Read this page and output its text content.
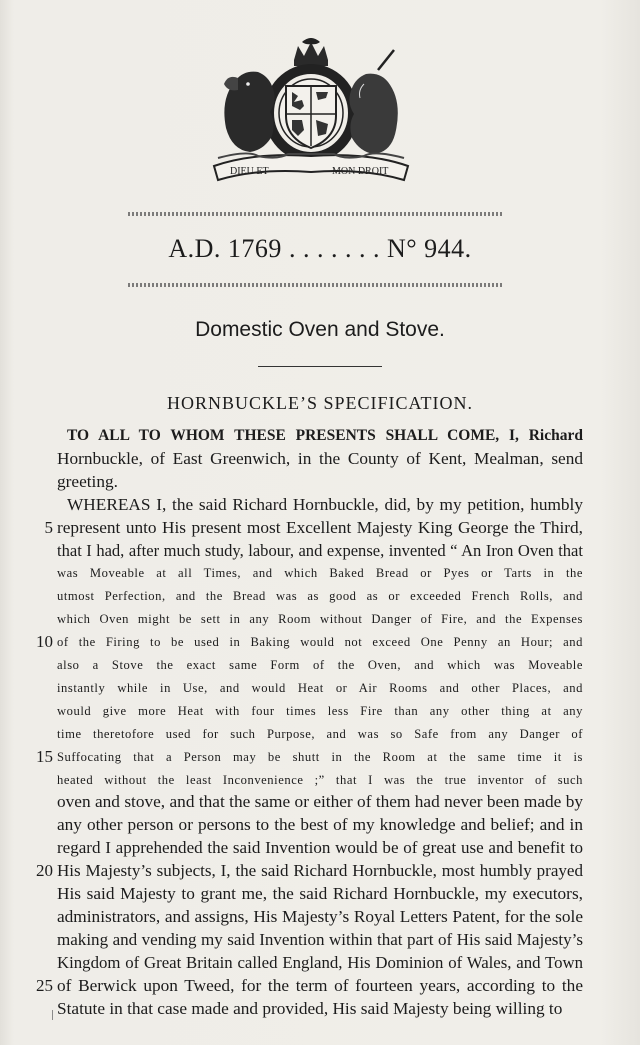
DIEU ET	MON DROIT
A.D. 1769 . . . . . . . N° 944.
Domestic Oven and Stove.
HORNBUCKLE’S SPECIFICATION.
TO ALL TO WHOM THESE PRESENTS SHALL COME, I, Richard
Hornbuckle, of East Greenwich, in the County of Kent, Mealman, send
greeting.
WHEREAS I, the said Richard Hornbuckle, did, by my petition, humbly
represent unto His present most Excellent Majesty King George the Third,
5
that I had, after much study, labour, and expense, invented “ An Iron Oven that
was Moveable at all Times, and which Baked Bread or Pyes or Tarts in the
utmost Perfection, and the Bread was as good as or exceeded French Rolls, and
which Oven might be sett in any Room without Danger of Fire, and the Expenses
of the Firing to be used in Baking would not exceed One Penny an Hour; and
10
also a Stove the exact same Form of the Oven, and which was Moveable
instantly while in Use, and would Heat or Air Rooms and other Places, and
would give more Heat with four times less Fire than any other thing at any
time theretofore used for such Purpose, and was so Safe from any Danger of
Suffocating that a Person may be shutt in the Room at the same time it is
15
heated without the least Inconvenience ;” that I was the true inventor of such
oven and stove, and that the same or either of them had never been made by
any other person or persons to the best of my knowledge and belief; and in
regard I apprehended the said Invention would be of great use and benefit to
His Majesty’s subjects, I, the said Richard Hornbuckle, most humbly prayed
20
His said Majesty to grant me, the said Richard Hornbuckle, my executors,
administrators, and assigns, His Majesty’s Royal Letters Patent, for the sole
making and vending my said Invention within that part of His said Majesty’s
Kingdom of Great Britain called England, His Dominion of Wales, and Town
of Berwick upon Tweed, for the term of fourteen years, according to the
25
Statute in that case made and provided, His said Majesty being willing to
